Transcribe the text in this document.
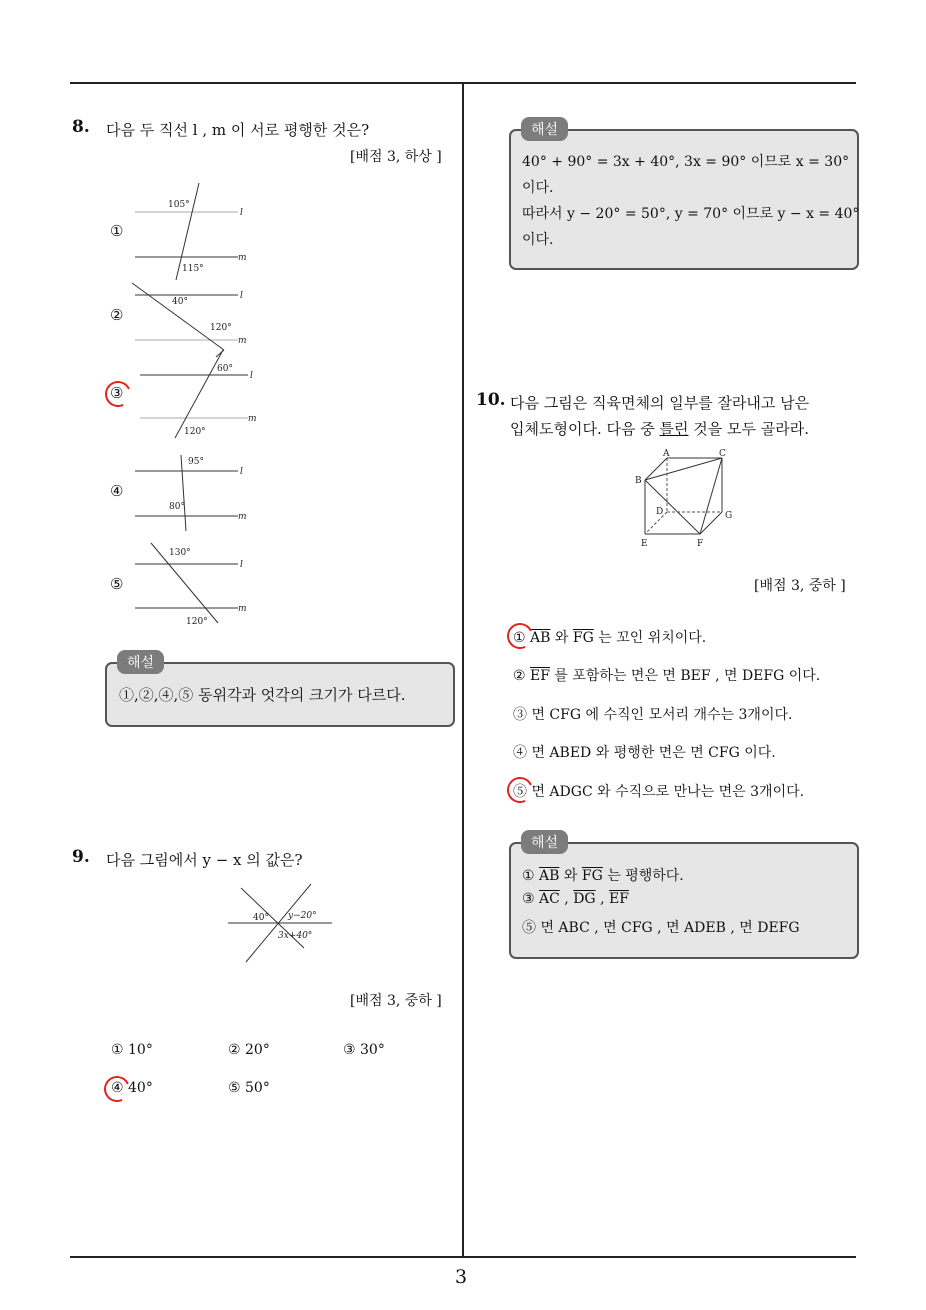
3
8. 다음 두 직선 l , m 이 서로 평행한 것은?
[배점 3, 하상 ]
①
②
③
④
⑤
105°
115°
l
m
40°
120°
l
m
60°
120°
l
m
95°
80°
l
m
130°
120°
l
m
해설
①,②,④,⑤ 동위각과 엇각의 크기가 다르다.
9. 다음 그림에서 y − x 의 값은?
40° y−20°
3x+40°
[배점 3, 중하 ]
① 10°	② 20°	③ 30°
④ 40°	⑤ 50°
해설
40° + 90° = 3x + 40°, 3x = 90° 이므로 x = 30°
이다.
따라서 y − 20° = 50°, y = 70° 이므로 y − x = 40°
이다.
10. 다음 그림은 직육면체의 일부를 잘라내고 남은
입체도형이다. 다음 중 틀린 것을 모두 골라라.
A	C
B
D	G
E	F
[배점 3, 중하 ]
① $\overline{AB}$ 와 $\overline{FG}$ 는 꼬인 위치이다.
② $\overline{EF}$ 를 포함하는 면은 면 BEF , 면 DEFG 이다.
③ 면 CFG 에 수직인 모서리 개수는 3개이다.
④ 면 ABED 와 평행한 면은 면 CFG 이다.
⑤ 면 ADGC 와 수직으로 만나는 면은 3개이다.
해설
① $\overline{AB}$ 와 $\overline{FG}$ 는 평행하다.
③ $\overline{AC}$ , $\overline{DG}$ , $\overline{EF}$
⑤ 면 ABC , 면 CFG , 면 ADEB , 면 DEFG
